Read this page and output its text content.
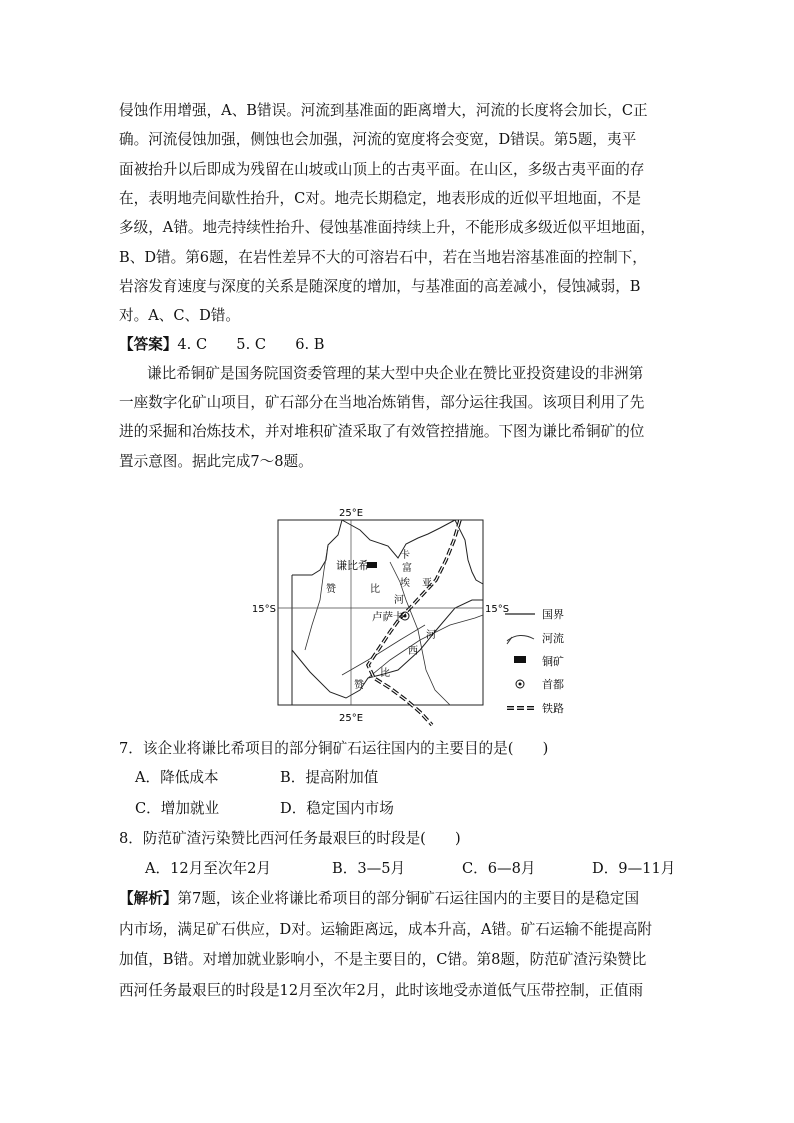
侵蚀作用增强，A、B错误。河流到基准面的距离增大，河流的长度将会加长，C正
确。河流侵蚀加强，侧蚀也会加强，河流的宽度将会变宽，D错误。第5题，夷平
面被抬升以后即成为残留在山坡或山顶上的古夷平面。在山区，多级古夷平面的存
在，表明地壳间歇性抬升，C对。地壳长期稳定，地表形成的近似平坦地面，不是
多级，A错。地壳持续性抬升、侵蚀基准面持续上升，不能形成多级近似平坦地面，
B、D错。第6题，在岩性差异不大的可溶岩石中，若在当地岩溶基准面的控制下，
岩溶发育速度与深度的关系是随深度的增加，与基准面的高差减小，侵蚀减弱，B
对。A、C、D错。
【答案】4. C　　5. C　　6. B
谦比希铜矿是国务院国资委管理的某大型中央企业在赞比亚投资建设的非洲第
一座数字化矿山项目，矿石部分在当地冶炼销售，部分运往我国。该项目利用了先
进的采掘和冶炼技术，并对堆积矿渣采取了有效管控措施。下图为谦比希铜矿的位
置示意图。据此完成7～8题。
25°E
25°E
15°S	15°S
谦比希
卢萨卡
赞	比
亚
赞
比
卡
富
埃
河
河
西
国界
河流
铜矿
首都
铁路
7．该企业将谦比希项目的部分铜矿石运往国内的主要目的是(　　)
A．降低成本	B．提高附加值
C．增加就业	D．稳定国内市场
8．防范矿渣污染赞比西河任务最艰巨的时段是(　　)
A．12月至次年2月	B．3—5月	C．6—8月	D．9—11月
【解析】第7题，该企业将谦比希项目的部分铜矿石运往国内的主要目的是稳定国
内市场，满足矿石供应，D对。运输距离远，成本升高，A错。矿石运输不能提高附
加值，B错。对增加就业影响小，不是主要目的，C错。第8题，防范矿渣污染赞比
西河任务最艰巨的时段是12月至次年2月，此时该地受赤道低气压带控制，正值雨
